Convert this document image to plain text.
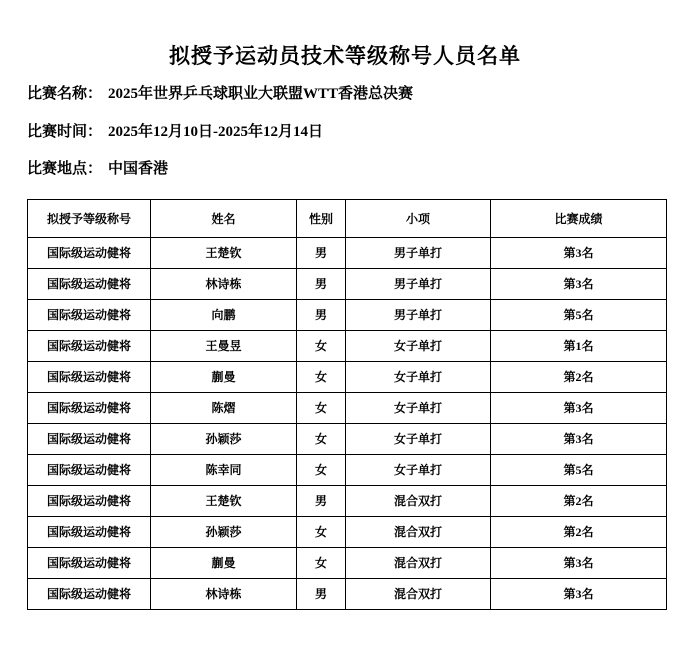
拟授予运动员技术等级称号人员名单
比赛名称： 2025年世界乒乓球职业大联盟WTT香港总决赛
比赛时间： 2025年12月10日-2025年12月14日
比赛地点： 中国香港
拟授予等级称号	姓名	性别	小项	比赛成绩
国际级运动健将	王楚钦	男	男子单打	第3名
国际级运动健将	林诗栋	男	男子单打	第3名
国际级运动健将	向鹏	男	男子单打	第5名
国际级运动健将	王曼昱	女	女子单打	第1名
国际级运动健将	蒯曼	女	女子单打	第2名
国际级运动健将	陈熠	女	女子单打	第3名
国际级运动健将	孙颖莎	女	女子单打	第3名
国际级运动健将	陈幸同	女	女子单打	第5名
国际级运动健将	王楚钦	男	混合双打	第2名
国际级运动健将	孙颖莎	女	混合双打	第2名
国际级运动健将	蒯曼	女	混合双打	第3名
国际级运动健将	林诗栋	男	混合双打	第3名
